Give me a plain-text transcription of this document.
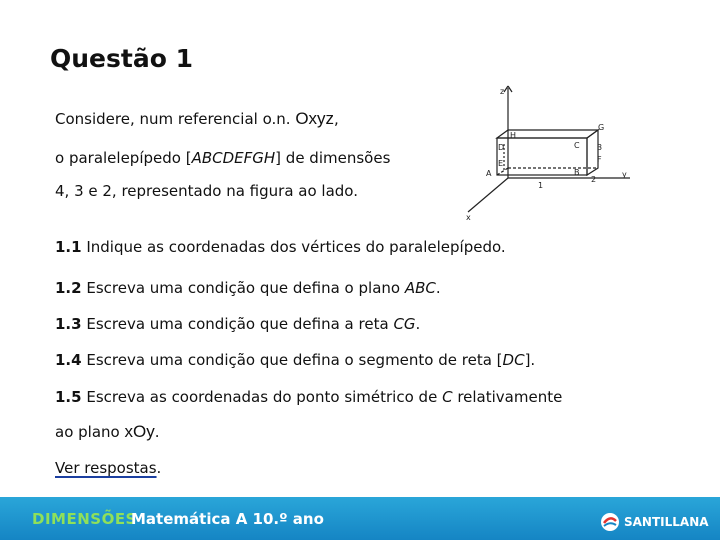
Questão 1
Considere, num referencial o.n. Oxyz,
o paralelepípedo [ABCDEFGH] de dimensões
4, 3 e 2, representado na figura ao lado.
1.1 Indique as coordenadas dos vértices do paralelepípedo.
1.2 Escreva uma condição que defina o plano ABC.
1.3 Escreva uma condição que defina a reta CG.
1.4 Escreva uma condição que defina o segmento de reta [DC].
1.5 Escreva as coordenadas do ponto simétrico de C relativamente
ao plano xOy.
Ver respostas.
z
x
y
H
D
E
A
C
B
G
F
3
2
1
DIMENSÕES
Matemática A 10.º ano	SANTILLANA
